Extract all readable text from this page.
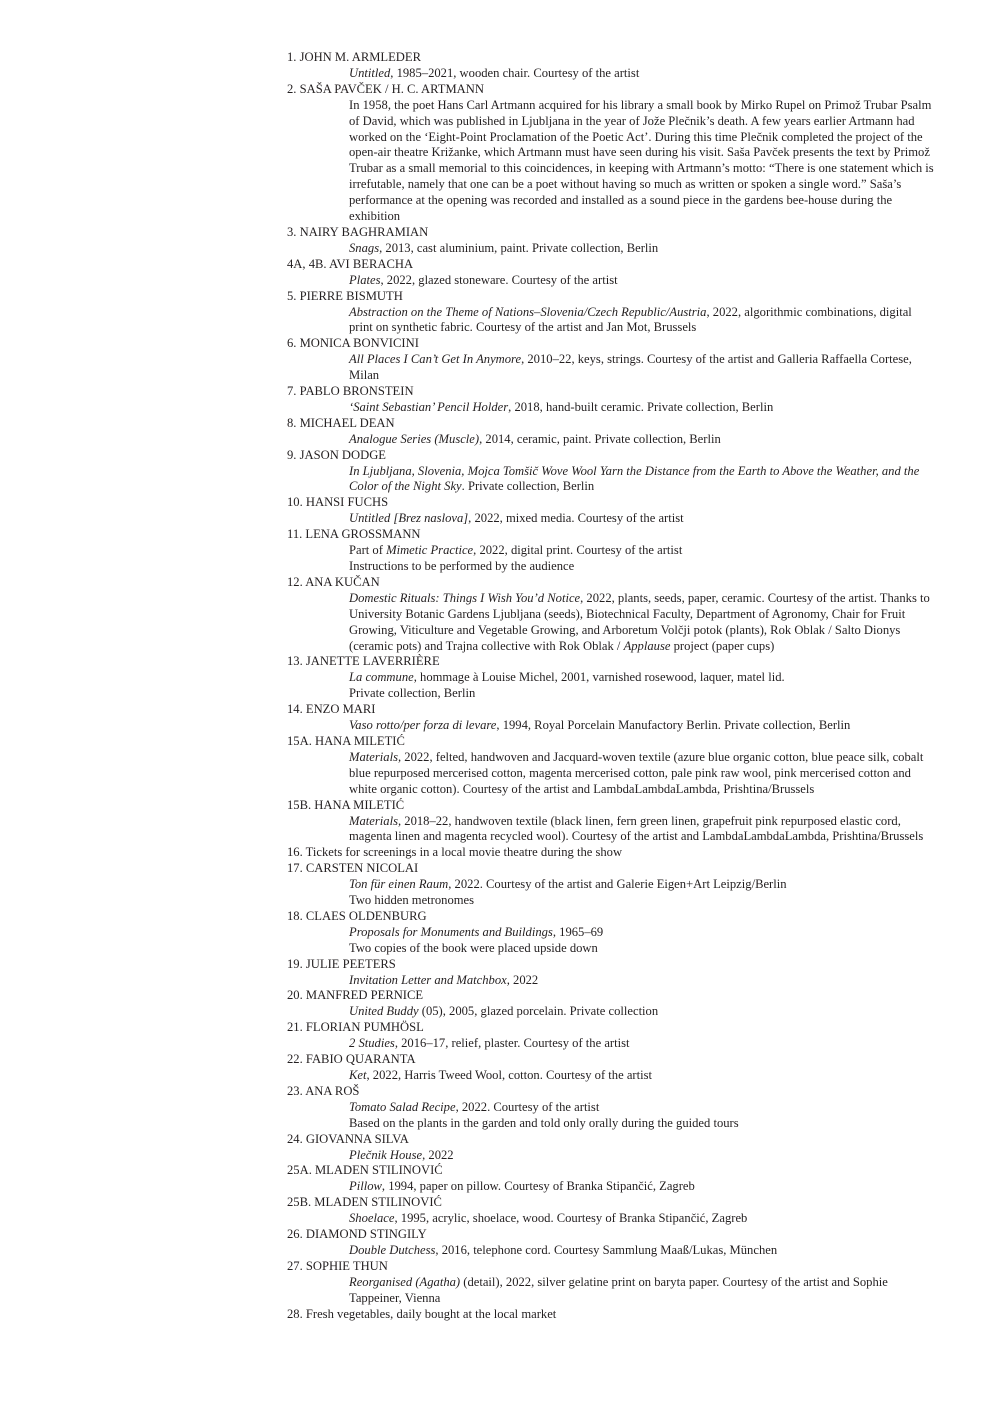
1. JOHN M. ARMLEDER

Untitled, 1985–2021, wooden chair. Courtesy of the artist

2. SAŠA PAVČEK / H. C. ARTMANN

In 1958, the poet Hans Carl Artmann acquired for his library a small book by Mirko Rupel on Primož Trubar Psalm of David, which was published in Ljubljana in the year of Jože Plečnik’s death. A few years earlier Artmann had worked on the ‘Eight-Point Proclamation of the Poetic Act’. During this time Plečnik completed the project of the open-air theatre Križanke, which Artmann must have seen during his visit. Saša Pavček presents the text by Primož Trubar as a small memorial to this coincidences, in keeping with Artmann’s motto: “There is one statement which is irrefutable, namely that one can be a poet without having so much as written or spoken a single word.” Saša’s performance at the opening was recorded and installed as a sound piece in the gardens bee-house during the exhibition

3. NAIRY BAGHRAMIAN

Snags, 2013, cast aluminium, paint. Private collection, Berlin

4A, 4B. AVI BERACHA

Plates, 2022, glazed stoneware. Courtesy of the artist

5. PIERRE BISMUTH

Abstraction on the Theme of Nations–Slovenia/Czech Republic/Austria, 2022, algorithmic combinations, digital print on synthetic fabric. Courtesy of the artist and Jan Mot, Brussels

6. MONICA BONVICINI

All Places I Can’t Get In Anymore, 2010–22, keys, strings. Courtesy of the artist and Galleria Raffaella Cortese, Milan

7. PABLO BRONSTEIN

‘Saint Sebastian’ Pencil Holder, 2018, hand-built ceramic. Private collection, Berlin

8. MICHAEL DEAN

Analogue Series (Muscle), 2014, ceramic, paint. Private collection, Berlin

9. JASON DODGE

In Ljubljana, Slovenia, Mojca Tomšič Wove Wool Yarn the Distance from the Earth to Above the Weather, and the Color of the Night Sky. Private collection, Berlin

10. HANSI FUCHS

Untitled [Brez naslova], 2022, mixed media. Courtesy of the artist

11. LENA GROSSMANN

Part of Mimetic Practice, 2022, digital print. Courtesy of the artist

Instructions to be performed by the audience

12. ANA KUČAN

Domestic Rituals: Things I Wish You’d Notice, 2022, plants, seeds, paper, ceramic. Courtesy of the artist. Thanks to University Botanic Gardens Ljubljana (seeds), Biotechnical Faculty, Department of Agronomy, Chair for Fruit Growing, Viticulture and Vegetable Growing, and Arboretum Volčji potok (plants), Rok Oblak / Salto Dionys (ceramic pots) and Trajna collective with Rok Oblak / Applause project (paper cups)

13. JANETTE LAVERRIÈRE

La commune, hommage à Louise Michel, 2001, varnished rosewood, laquer, matel lid.

Private collection, Berlin

14. ENZO MARI

Vaso rotto/per forza di levare, 1994, Royal Porcelain Manufactory Berlin. Private collection, Berlin

15A. HANA MILETIĆ

Materials, 2022, felted, handwoven and Jacquard-woven textile (azure blue organic cotton, blue peace silk, cobalt blue repurposed mercerised cotton, magenta mercerised cotton, pale pink raw wool, pink mercerised cotton and white organic cotton). Courtesy of the artist and LambdaLambdaLambda, Prishtina/Brussels

15B. HANA MILETIĆ

Materials, 2018–22, handwoven textile (black linen, fern green linen, grapefruit pink repurposed elastic cord, magenta linen and magenta recycled wool). Courtesy of the artist and LambdaLambdaLambda, Prishtina/Brussels

16. Tickets for screenings in a local movie theatre during the show
17. CARSTEN NICOLAI

Ton für einen Raum, 2022. Courtesy of the artist and Galerie Eigen+Art Leipzig/Berlin

Two hidden metronomes

18. CLAES OLDENBURG

Proposals for Monuments and Buildings, 1965–69

Two copies of the book were placed upside down

19. JULIE PEETERS

Invitation Letter and Matchbox, 2022

20. MANFRED PERNICE

United Buddy (05), 2005, glazed porcelain. Private collection

21. FLORIAN PUMHÖSL

2 Studies, 2016–17, relief, plaster. Courtesy of the artist

22. FABIO QUARANTA

Ket, 2022, Harris Tweed Wool, cotton. Courtesy of the artist

23. ANA ROŠ

Tomato Salad Recipe, 2022. Courtesy of the artist

Based on the plants in the garden and told only orally during the guided tours

24. GIOVANNA SILVA

Plečnik House, 2022

25A. MLADEN STILINOVIĆ

Pillow, 1994, paper on pillow. Courtesy of Branka Stipančić, Zagreb

25B. MLADEN STILINOVIĆ

Shoelace, 1995, acrylic, shoelace, wood. Courtesy of Branka Stipančić, Zagreb

26. DIAMOND STINGILY

Double Dutchess, 2016, telephone cord. Courtesy Sammlung Maaß/Lukas, München

27. SOPHIE THUN

Reorganised (Agatha) (detail), 2022, silver gelatine print on baryta paper. Courtesy of the artist and Sophie Tappeiner, Vienna

28. Fresh vegetables, daily bought at the local market
